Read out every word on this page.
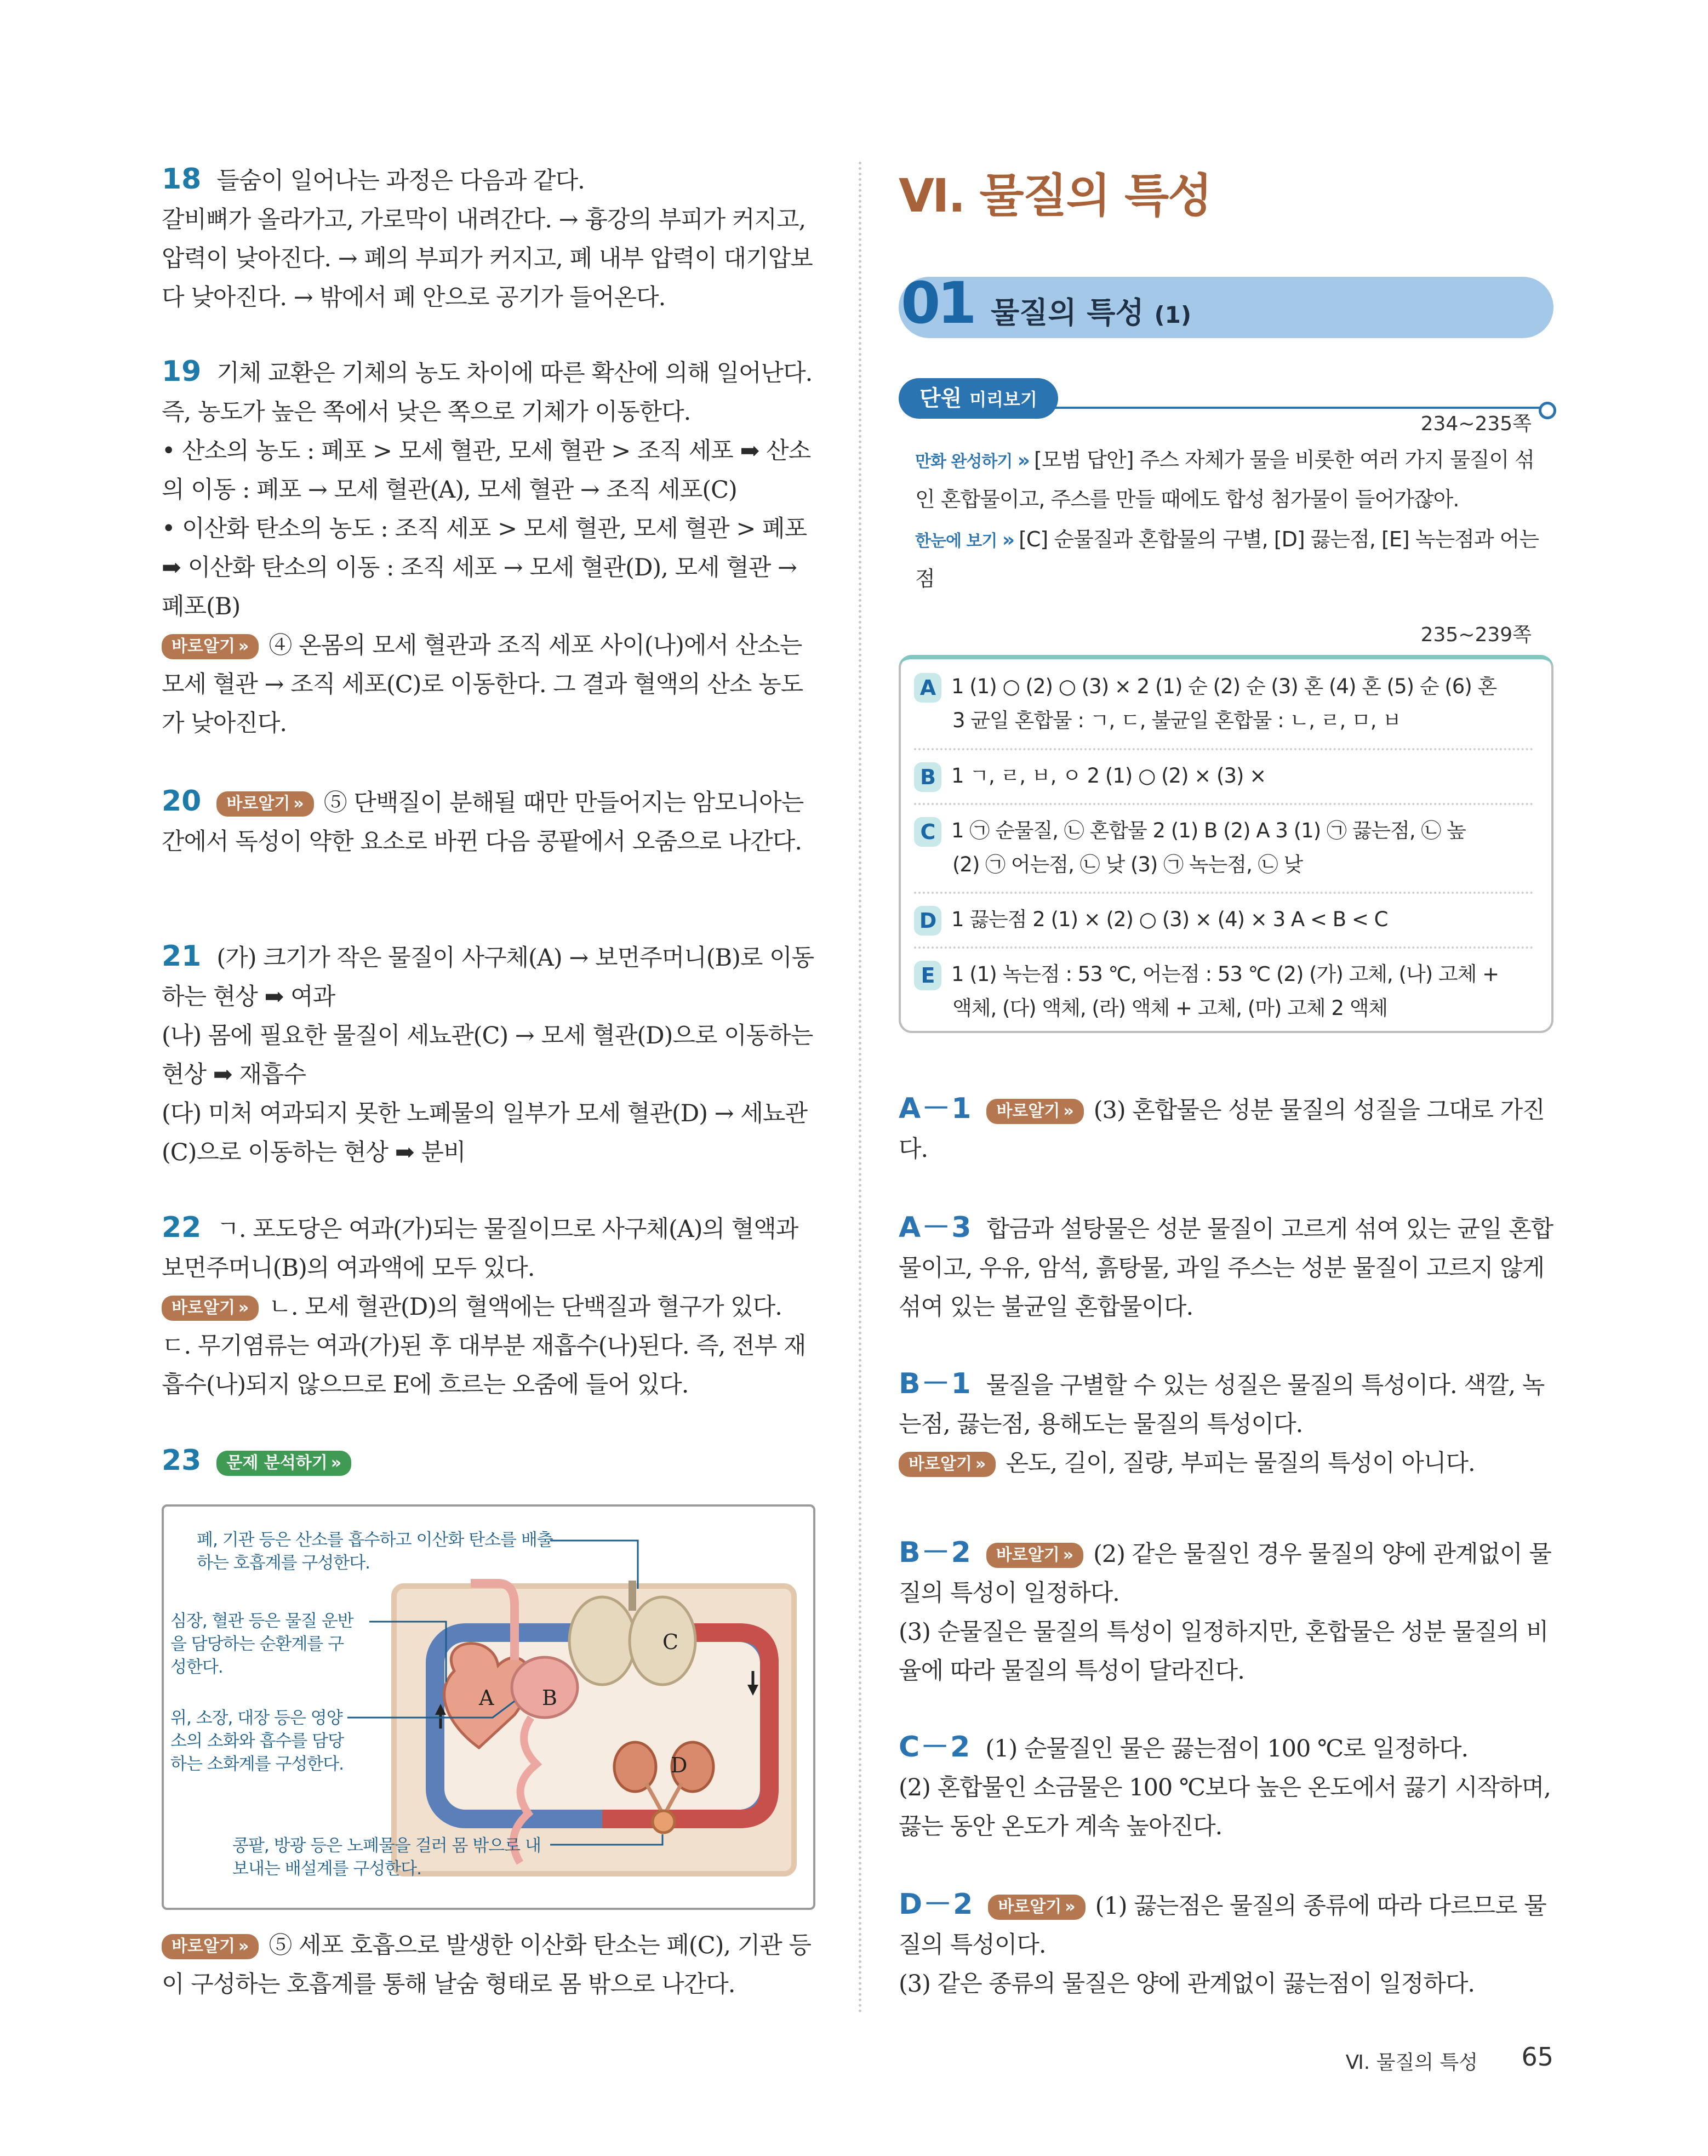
18 들숨이 일어나는 과정은 다음과 같다.

갈비뼈가 올라가고, 가로막이 내려간다. → 흉강의 부피가 커지고, 압력이 낮아진다. → 폐의 부피가 커지고, 폐 내부 압력이 대기압보다 낮아진다. → 밖에서 폐 안으로 공기가 들어온다.

19 기체 교환은 기체의 농도 차이에 따른 확산에 의해 일어난다. 즉, 농도가 높은 쪽에서 낮은 쪽으로 기체가 이동한다.

• 산소의 농도 : 폐포 > 모세 혈관, 모세 혈관 > 조직 세포 ➡ 산소의 이동 : 폐포 → 모세 혈관(A), 모세 혈관 → 조직 세포(C)

• 이산화 탄소의 농도 : 조직 세포 > 모세 혈관, 모세 혈관 > 폐포 ➡ 이산화 탄소의 이동 : 조직 세포 → 모세 혈관(D), 모세 혈관 → 폐포(B)

바로알기 » ④ 온몸의 모세 혈관과 조직 세포 사이(나)에서 산소는 모세 혈관 → 조직 세포(C)로 이동한다. 그 결과 혈액의 산소 농도가 낮아진다.

20 바로알기 » ⑤ 단백질이 분해될 때만 만들어지는 암모니아는 간에서 독성이 약한 요소로 바뀐 다음 콩팥에서 오줌으로 나간다.

21 (가) 크기가 작은 물질이 사구체(A) → 보먼주머니(B)로 이동하는 현상 ➡ 여과

(나) 몸에 필요한 물질이 세뇨관(C) → 모세 혈관(D)으로 이동하는 현상 ➡ 재흡수

(다) 미처 여과되지 못한 노폐물의 일부가 모세 혈관(D) → 세뇨관(C)으로 이동하는 현상 ➡ 분비

22 ㄱ. 포도당은 여과(가)되는 물질이므로 사구체(A)의 혈액과 보먼주머니(B)의 여과액에 모두 있다.

바로알기 » ㄴ. 모세 혈관(D)의 혈액에는 단백질과 혈구가 있다.

ㄷ. 무기염류는 여과(가)된 후 대부분 재흡수(나)된다. 즉, 전부 재흡수(나)되지 않으므로 E에 흐르는 오줌에 들어 있다.

23 문제 분석하기 »

A B
C
D
폐, 기관 등은 산소를 흡수하고 이산화 탄소를 배출하는 호흡계를 구성한다.
심장, 혈관 등은 물질 운반을 담당하는 순환계를 구성한다.
위, 소장, 대장 등은 영양소의 소화와 흡수를 담당하는 소화계를 구성한다.
콩팥, 방광 등은 노폐물을 걸러 몸 밖으로 내보내는 배설계를 구성한다.

바로알기 » ⑤ 세포 호흡으로 발생한 이산화 탄소는 폐(C), 기관 등이 구성하는 호흡계를 통해 날숨 형태로 몸 밖으로 나간다.

Ⅵ. 물질의 특성
01 물질의 특성 (1)
단원 미리보기
234~235쪽
만화 완성하기 » [모범 답안] 주스 자체가 물을 비롯한 여러 가지 물질이 섞인 혼합물이고, 주스를 만들 때에도 합성 첨가물이 들어가잖아.
한눈에 보기 » [C] 순물질과 혼합물의 구별, [D] 끓는점, [E] 녹는점과 어는점
235~239쪽
A 1 (1) ○ (2) ○ (3) × 2 (1) 순 (2) 순 (3) 혼 (4) 혼 (5) 순 (6) 혼
3 균일 혼합물 : ㄱ, ㄷ, 불균일 혼합물 : ㄴ, ㄹ, ㅁ, ㅂ
B 1 ㄱ, ㄹ, ㅂ, ㅇ 2 (1) ○ (2) × (3) ×
C 1 ㉠ 순물질, ㉡ 혼합물 2 (1) B (2) A 3 (1) ㉠ 끓는점, ㉡ 높
(2) ㉠ 어는점, ㉡ 낮 (3) ㉠ 녹는점, ㉡ 낮
D 1 끓는점 2 (1) × (2) ○ (3) × (4) × 3 A < B < C
E 1 (1) 녹는점 : 53 ℃, 어는점 : 53 ℃ (2) (가) 고체, (나) 고체 +
액체, (다) 액체, (라) 액체 + 고체, (마) 고체 2 액체

A－1 바로알기 » (3) 혼합물은 성분 물질의 성질을 그대로 가진다.

A－3 합금과 설탕물은 성분 물질이 고르게 섞여 있는 균일 혼합물이고, 우유, 암석, 흙탕물, 과일 주스는 성분 물질이 고르지 않게 섞여 있는 불균일 혼합물이다.

B－1 물질을 구별할 수 있는 성질은 물질의 특성이다. 색깔, 녹는점, 끓는점, 용해도는 물질의 특성이다.

바로알기 » 온도, 길이, 질량, 부피는 물질의 특성이 아니다.

B－2 바로알기 » (2) 같은 물질인 경우 물질의 양에 관계없이 물질의 특성이 일정하다.

(3) 순물질은 물질의 특성이 일정하지만, 혼합물은 성분 물질의 비율에 따라 물질의 특성이 달라진다.

C－2 (1) 순물질인 물은 끓는점이 100 ℃로 일정하다.

(2) 혼합물인 소금물은 100 ℃보다 높은 온도에서 끓기 시작하며, 끓는 동안 온도가 계속 높아진다.

D－2 바로알기 » (1) 끓는점은 물질의 종류에 따라 다르므로 물질의 특성이다.

(3) 같은 종류의 물질은 양에 관계없이 끓는점이 일정하다.

Ⅵ. 물질의 특성 65
